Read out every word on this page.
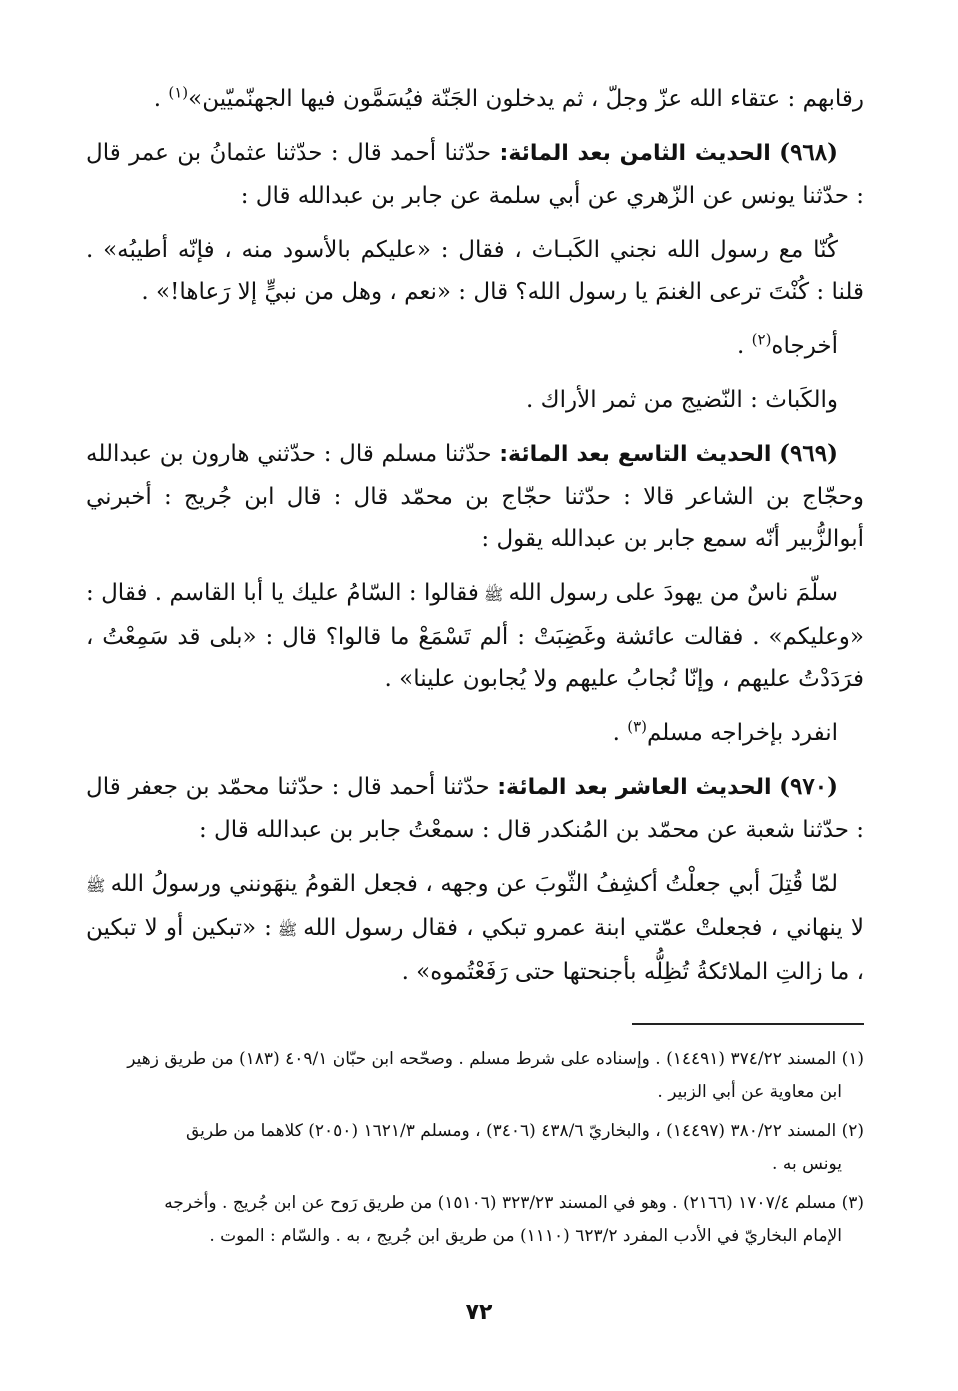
رقابهم : عتقاء الله عزّ وجلّ ، ثم يدخلون الجَنّة فيُسَمَّون فيها الجهنّميّين»$^{(١)}$ .

(٩٦٨) الحديث الثامن بعد المائة: حدّثنا أحمد قال : حدّثنا عثمانُ بن عمر قال : حدّثنا يونس عن الزّهري عن أبي سلمة عن جابر بن عبدالله قال :

كُنّا مع رسول الله نجني الكَبـاث ، فقال : «عليكم بالأسود منه ، فإنّه أطيبُه» . قلنا : كُنْتَ ترعى الغنمَ يا رسول الله؟ قال : «نعم ، وهل من نبيٍّ إلا رَعاها!» .

أخرجاه$^{(٢)}$ .

والكَباث : النّضيج من ثمر الأراك .

(٩٦٩) الحديث التاسع بعد المائة: حدّثنا مسلم قال : حدّثني هارون بن عبدالله وحجّاج بن الشاعر قالا : حدّثنا حجّاج بن محمّد قال : قال ابن جُريج : أخبرني أبوالزُّبير أنّه سمع جابر بن عبدالله يقول :

سلّمَ ناسٌ من يهودَ على رسول الله ﷺ فقالوا : السّامُ عليك يا أبا القاسم . فقال : «وعليكم» . فقالت عائشة وغَضِبَتْ : ألم تَسْمَعْ ما قالوا؟ قال : «بلى قد سَمِعْتُ ، فرَدَدْتُ عليهم ، وإنّا نُجابُ عليهم ولا يُجابون علينا» .

انفرد بإخراجه مسلم$^{(٣)}$ .

(٩٧٠) الحديث العاشر بعد المائة: حدّثنا أحمد قال : حدّثنا محمّد بن جعفر قال : حدّثنا شعبة عن محمّد بن المُنكدر قال : سمعْتُ جابر بن عبدالله قال :

لمّا قُتِلَ أبي جعلْتُ أكشِفُ الثّوبَ عن وجهه ، فجعل القومُ ينهَونني ورسولُ الله ﷺ لا ينهاني ، فجعلتْ عمّتي ابنة عمرو تبكي ، فقال رسول الله ﷺ : «تبكين أو لا تبكين ، ما زالتِ الملائكةُ تُظِلُّه بأجنحتها حتى رَفَعْتُموه» .

(١) المسند ٣٧٤/٢٢ (١٤٤٩١) . وإسناده على شرط مسلم . وصحّحه ابن حبّان ٤٠٩/١ (١٨٣) من طريق زهير
ابن معاوية عن أبي الزبير .

(٢) المسند ٣٨٠/٢٢ (١٤٤٩٧) ، والبخاريّ ٤٣٨/٦ (٣٤٠٦) ، ومسلم ١٦٢١/٣ (٢٠٥٠) كلاهما من طريق
يونس به .

(٣) مسلم ١٧٠٧/٤ (٢١٦٦) . وهو في المسند ٣٢٣/٢٣ (١٥١٠٦) من طريق رَوح عن ابن جُريج . وأخرجه
الإمام البخاريّ في الأدب المفرد ٦٢٣/٢ (١١١٠) من طريق ابن جُريج ، به . والسّام : الموت .

٧٢
